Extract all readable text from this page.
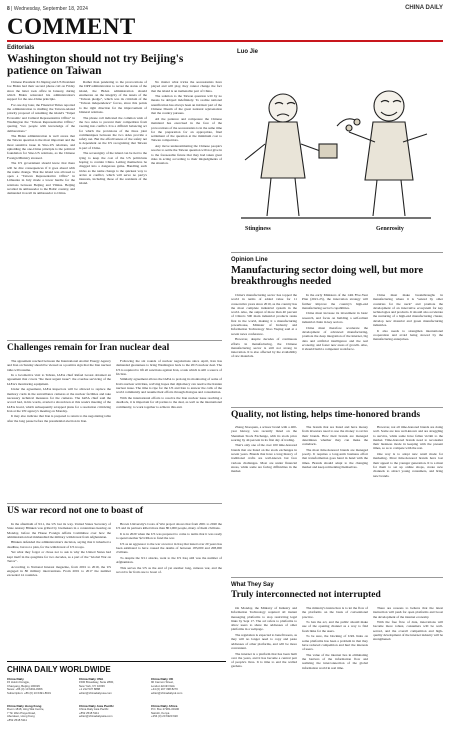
8 | Wednesday, September 18, 2024	CHINA DAILY
COMMENT
Editorials
Washington should not try Beijing's patience on Taiwan

Chinese President Xi Jinping and US President Joe Biden had their second phone call on Friday since the latter took office in January, during which Biden reiterated his administration's support for the one-China principle.

For one day later, the Financial Times reported the administration is mulling the Taiwan-related priority proposal of renaming the island's "Taipei Economic and Cultural Representative Office" in Washington the "Taiwan Representative Office," quoting "two people with knowledge of the deliberations."

The Biden administration is well aware that the Taiwan question is the most important and the most sensitive issue in Sino-US relations, and upholding the one-China principle is the political foundation for Sino-US relations, as the Chinese Foreign Ministry stressed.

The US government should know that there will be dire consequences if it goes ahead with the name change. That the island was allowed to open a "Taiwan Representative Office" in Lithuania in July made a lower hurdle for the relations between Beijing and Vilnius. Beijing recalled its ambassador to the Baltic country, and demanded it recall its ambassador to China.

Rather than pandering to the provocations of the DPP administration to recast the status of the island, the Biden administration should enumerate on the integrity of the tenets of the "Taiwan pledge", which was its criticism of the "Taiwan independence" forces, since this points to the right direction for the improvement of bilateral relations.

The phone call indicated the common wish of the two sides to prevent their competition from veering into conflict. It is a difficult balancing act for which the provisions of the three joint communiques between the two sides provide a safety net. But the effectiveness of the safety net is dependent on the US recognizing that Taiwan is part of China.

The sovereignty of the island can be tied to the tying to keep the cost of the US politicians hoping to contain China. Letting themselves be dragged into a dangerous game. Handling such tricks as the name change is the quickest way to arrive at conflict, which will serve no party's interests, including those of the residents of the island.

No matter what tricks the secessionists have played and will play, they cannot change the fact that the island is an inalienable part of China.

The solution to the Taiwan question will by no means be delayed indefinitely. To realize national reunification has always been an intrinsic part of the Chinese Dream of the great national rejuvenation that the country pursues.

All the patience and composure the Chinese mainland has exercised in the face of the provocations of the secessionists is in the same time for the preparation for an appropriate, final settlement of the question at the minimum cost to Taiwan compatriots.

Any move underestimating the Chinese people's resolve to settle the Taiwan question will not give in to the foreseeable future that they had taken great risks in acting according to their misjudgments of the situation.

Challenges remain for Iran nuclear deal

The agreement reached between the International Atomic Energy Agency and Iran on Sunday should be viewed as a positive sign that the Iran nuclear talks will resume.

In a locomotive visit to Tehran, IAEA chief Rafael Grossi obtained an agreement that covers "the most urgent issue": the overdue servicing of the IAEA's monitoring equipment.

Under the agreement, IAEA inspectors will be allowed to replace the memory cards in the surveillance cameras at the nuclear facilities and take necessary technical measures for the cameras. The IAEA chief said the accord had, in his words, averted a showdown at this week's meeting of the IAEA board, which subsequently scrapped plans for a resolution criticizing Iran at the UN agency's meeting on Monday.

It may also indicate that Iran is prepared to return to the negotiating table after the long pause before the presidential election in Iran.

Following the six rounds of nuclear negotiations since April, Iran has demanded guarantees to bring Washington back to the 2015 nuclear deal. The US is required to lift all sanctions against Iran, a task which is still a source of friction.

Similarly agreement allows the IAEA to prolong its monitoring of some of Iran's nuclear activities, reviving hopes that diplomacy can resolve the Iranian nuclear issue. The time is ripe for the US and Iran to answer the calls of the world community and resume their efforts through dialogue and consultation.

With the international efforts to resolve the Iran nuclear issue reaching a deadlock, it is important for all parties to the deal, as well as the international community, to work together to achieve this end.

US war record not one to boast of

In the aftermath of 9/11, the US lost its way. United States Secretary of State Antony Blinken was grilled by lawmakers in a contentious hearing on Monday, before the House Foreign Affairs Committee over how the administration had mishandled the military withdrawal from Afghanistan.

Blinken defended the administration's decision, saying that it inherited a deadline, but not a plan, for the withdrawal of US troops.

Yet what they forgot or chose not to ask is why the United States had kept itself in the quagmire for two decades, as a part of the "Global War on Terror".

According to National Interest magazine, from 2001 to 2019, the US engaged in 80 military interventions. From 2001 to 2017 the number exceeded 14 countries.

Brown University's Costs of War project shows that from 2001 to 2020 the US and its partners killed more than 801,000 people, many of them civilians.

It is in 2020 when the US was prepared to come to terms that it was ready to spend another $2 trillion to fund the war.

US as an aggressor to the war on terror in Iraq that lasted over 20 years has been estimated to have caused the deaths of between 185,000 and 208,000 civilians.

To despite the 9/11 attacks, went to the US Iraq still was the number of Afghanistan.

This serves the US as the end of yet another long, ruinous war, and the record is far from one to boast of.

CHINA DAILY WORLDWIDE
China Daily
15 Huixin Dongjie,
Chaoyang, Beijing 100029
News: +86 (0) 10 6491-8366
Subscription: +86 (0) 10 6491-8631
China Daily USA
1500 Broadway, Suite 2800,
New York, NY 10036
+1 212 537 8888
editor@chinadailyusa.com
China Daily UK
90 Cannon Street,
London EC4N 6HA
+44 (0) 207 398 8270
editor@chinadailyuk.com
China Daily Hong Kong
Room 1818, Hing Wai Centre,
7 Tin Wan Praya Road,
Aberdeen, Hong Kong
+852 2518 5111
China Daily Asia Pacific
China Daily Asia Pacific
+852 2518 5111
editor@chinadailyasia.com
China Daily Africa
P.O. Box 27281-00100
Nairobi, Kenya
+254 (0) 20 6920 920
Stinginess	Generosity
Luo Jie
Opinion Line
Manufacturing sector doing well, but more breakthroughs needed

China's manufacturing sector has topped the world in terms of added value for 11 consecutive years since 2010, as the country has the most complete industrial system in the world. Also, the output of more than 40 percent of China's 500 main industrial products ranks first in the world, making it a manufacturing powerhouse, Minister of Industry and Information Technology Xiao Yaqing said at a recent news conference.

However, despite decades of continuous efforts in manufacturing, the Chinese manufacturing sector is still not strong in innovation. It is also affected by the availability of raw materials.

In the early Ministers of the 14th Five-Year Plan (2021-25), the innovation strategy will further improve the country's high-end manufacturing sector's capabilities.

China must increase its investment in basic research, and focus on building a self-reliant industrial chain in key sectors.

China must therefore accelerate the development of advanced manufacturing, promote the deep integration of the internet, big data and artificial intelligence and the real economy, and foster new areas of growth. Also, it should build a competent workforce.

China must make breakthroughs in manufacturing where it is "seized by other countries for the neck" and promote the development of an innovative ecosystem for key technologies and products. It should also accelerate the nurturing of a high-end manufacturing cluster, develop new material and green manufacturing industries.

It also needs to strengthen international cooperation and avoid being slowed by the manufacturing enterprises.

Quality, not listing, helps time-honored brands

Zhang Xiaoquan, a scissor brand with a 400-year history, was recently listed on the Shenzhen Stock Exchange, with its stock price soaring by 44 percent in its first day of trading.

That's only one of the over 100 time-honored brands that are listed on the stock exchanges in recent years. Brands that have a long history of traditional crafts are well-known but face various challenges. Most are under financial stress, while some are facing difficulties in the market.

The brands that are listed and have money from investors need to use the money to revive their brands. How their brands are managed determines whether they can make the comeback.

The most time-honored brands are managed poorly. It requires a long-term business effort that transformation goes hand in hand with the times. Brands should adapt to the changing market and keep reinventing themselves.

However, not all time-honored brands are doing well. Some are less well-known and are struggling to survive, while some have fallen victim to the market. Time-honored brands need to reconsider their business mode in keeping with the present times, so as to compete with the rest.

One way is to adopt new retail mode for marketing. Most time-honored brands have lost their appeal to the younger generation. It is a must for them to set up online shops, create new channels to attract young consumers, and bring new brands.

What They Say
Truly interconnected not interrupted

On Monday, the Ministry of Industry and Information Technology required all instant messaging platforms to stop restricting legal links by Sept 17. The act refers to platforms to allow users to share the addresses of other platforms in a webpage.

The regulation is expected to benefit users, as they will no longer need to copy and paste addresses of other platforms, and will be more convenient.

The internet is a platform that has been built over the years, and it has become a central part of people's lives. It is time to end the walled gardens.

The ministry's instruction is to let the flow of the platforms on the basis of conventional practice.

To ban the act, and the public should make use of the opening channel as a way to find fresh links for the users.

To be sure, the blocking of URL links on some platforms has been a problem in that they have reduced competition and hurt the interests of users.

The value of the internet lies in eliminating the barriers of the information flow and realizing the interconnection of the global information world in real time.

There are reasons to believe that the latest instruction will push for open platforms and boost the development of the internet economy.

With the free flow of data, innovations will become more robust, consumers will be well-served, and the overall competition and high-quality development of the internet industry will be strengthened.
